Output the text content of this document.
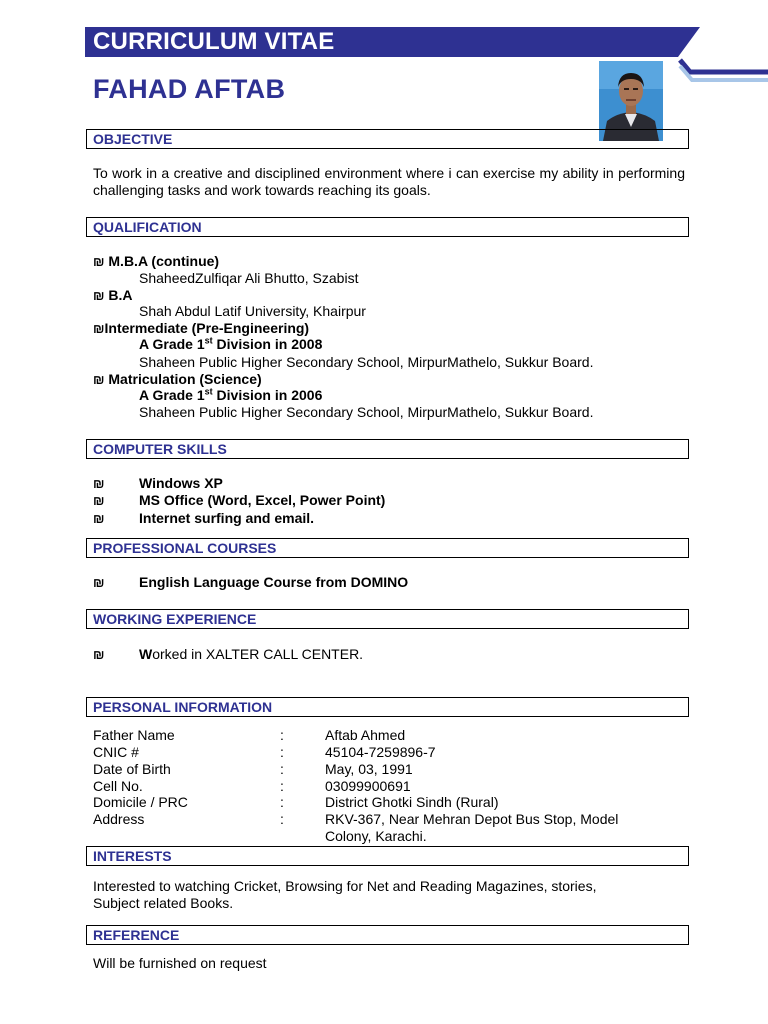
CURRICULUM VITAE
FAHAD AFTAB
OBJECTIVE
To work in a creative and disciplined environment where i can exercise my ability in performing challenging tasks and work towards reaching its goals.
QUALIFICATION
₪ M.B.A (continue)
ShaheedZulfiqar Ali Bhutto, Szabist
₪ B.A
Shah Abdul Latif University, Khairpur
₪Intermediate (Pre-Engineering)
A Grade 1st Division in 2008
Shaheen Public Higher Secondary School, MirpurMathelo, Sukkur Board.
₪ Matriculation (Science)
A Grade 1st Division in 2006
Shaheen Public Higher Secondary School, MirpurMathelo, Sukkur Board.
COMPUTER SKILLS
₪ Windows XP
₪ MS Office (Word, Excel, Power Point)
₪ Internet surfing and email.
PROFESSIONAL COURSES
₪ English Language Course from DOMINO
WORKING EXPERIENCE
₪ Worked in XALTER CALL CENTER.
PERSONAL INFORMATION
Father Name	:	Aftab Ahmed
CNIC #	:	45104-7259896-7
Date of Birth	:	May, 03, 1991
Cell No.	:	03099900691
Domicile / PRC	:	District Ghotki Sindh (Rural)
Address	:	RKV-367, Near Mehran Depot Bus Stop, Model
Colony, Karachi.
INTERESTS
Interested to watching Cricket, Browsing for Net and Reading Magazines, stories,
Subject related Books.
REFERENCE
Will be furnished on request
